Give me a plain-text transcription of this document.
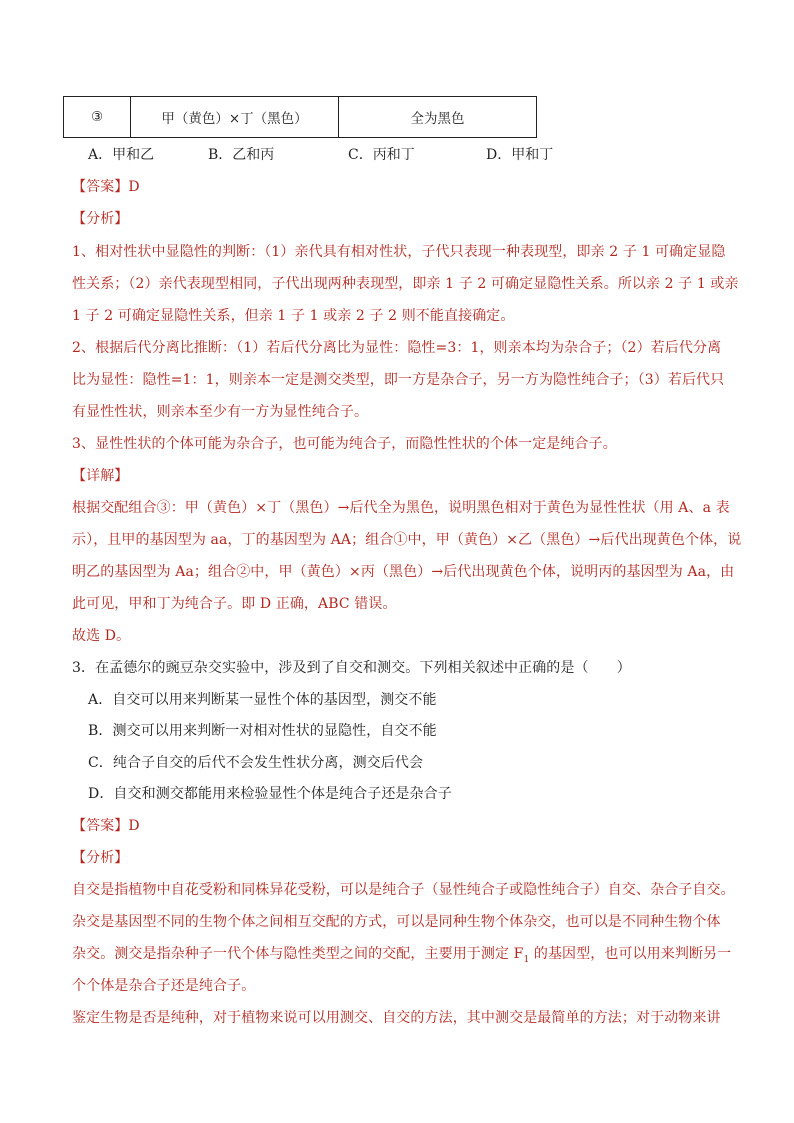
③	甲（黄色）×丁（黑色）	全为黑色
A．甲和乙	B．乙和丙	C．丙和丁	D．甲和丁
【答案】D
【分析】
1、相对性状中显隐性的判断：（1）亲代具有相对性状，子代只表现一种表现型，即亲 2 子 1 可确定显隐
性关系；（2）亲代表现型相同，子代出现两种表现型，即亲 1 子 2 可确定显隐性关系。所以亲 2 子 1 或亲
1 子 2 可确定显隐性关系，但亲 1 子 1 或亲 2 子 2 则不能直接确定。
2、根据后代分离比推断：（1）若后代分离比为显性：隐性=3：1，则亲本均为杂合子；（2）若后代分离
比为显性：隐性=1：1，则亲本一定是测交类型，即一方是杂合子，另一方为隐性纯合子；（3）若后代只
有显性性状，则亲本至少有一方为显性纯合子。
3、显性性状的个体可能为杂合子，也可能为纯合子，而隐性性状的个体一定是纯合子。
【详解】
根据交配组合③：甲（黄色）×丁（黑色）→后代全为黑色，说明黑色相对于黄色为显性性状（用 A、a 表
示），且甲的基因型为 aa，丁的基因型为 AA；组合①中，甲（黄色）×乙（黑色）→后代出现黄色个体，说
明乙的基因型为 Aa；组合②中，甲（黄色）×丙（黑色）→后代出现黄色个体，说明丙的基因型为 Aa，由
此可见，甲和丁为纯合子。即 D 正确，ABC 错误。
故选 D。
3．在孟德尔的豌豆杂交实验中，涉及到了自交和测交。下列相关叙述中正确的是（　　）
A．自交可以用来判断某一显性个体的基因型，测交不能
B．测交可以用来判断一对相对性状的显隐性，自交不能
C．纯合子自交的后代不会发生性状分离，测交后代会
D．自交和测交都能用来检验显性个体是纯合子还是杂合子
【答案】D
【分析】
自交是指植物中自花受粉和同株异花受粉，可以是纯合子（显性纯合子或隐性纯合子）自交、杂合子自交。
杂交是基因型不同的生物个体之间相互交配的方式，可以是同种生物个体杂交，也可以是不同种生物个体
杂交。测交是指杂种子一代个体与隐性类型之间的交配，主要用于测定 $F_1$ 的基因型，也可以用来判断另一
个个体是杂合子还是纯合子。
鉴定生物是否是纯种，对于植物来说可以用测交、自交的方法，其中测交是最简单的方法；对于动物来讲
